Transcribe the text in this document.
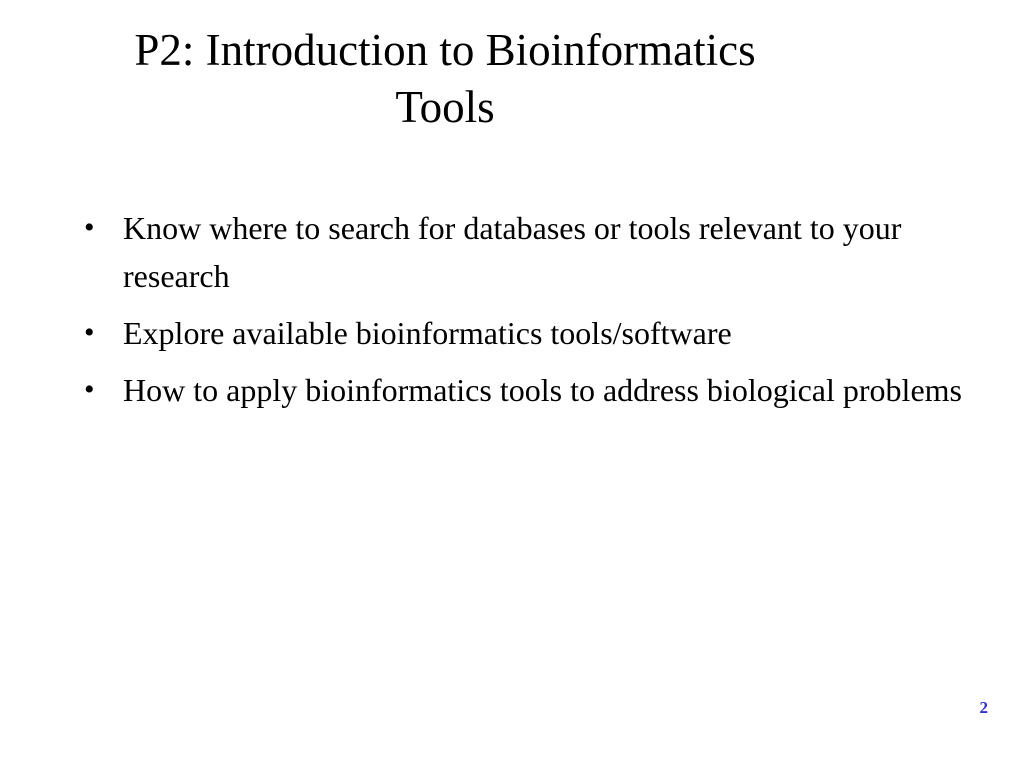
P2: Introduction to Bioinformatics
Tools
• Know where to search for databases or tools relevant to your research
• Explore available bioinformatics tools/software
• How to apply bioinformatics tools to address biological problems
2
